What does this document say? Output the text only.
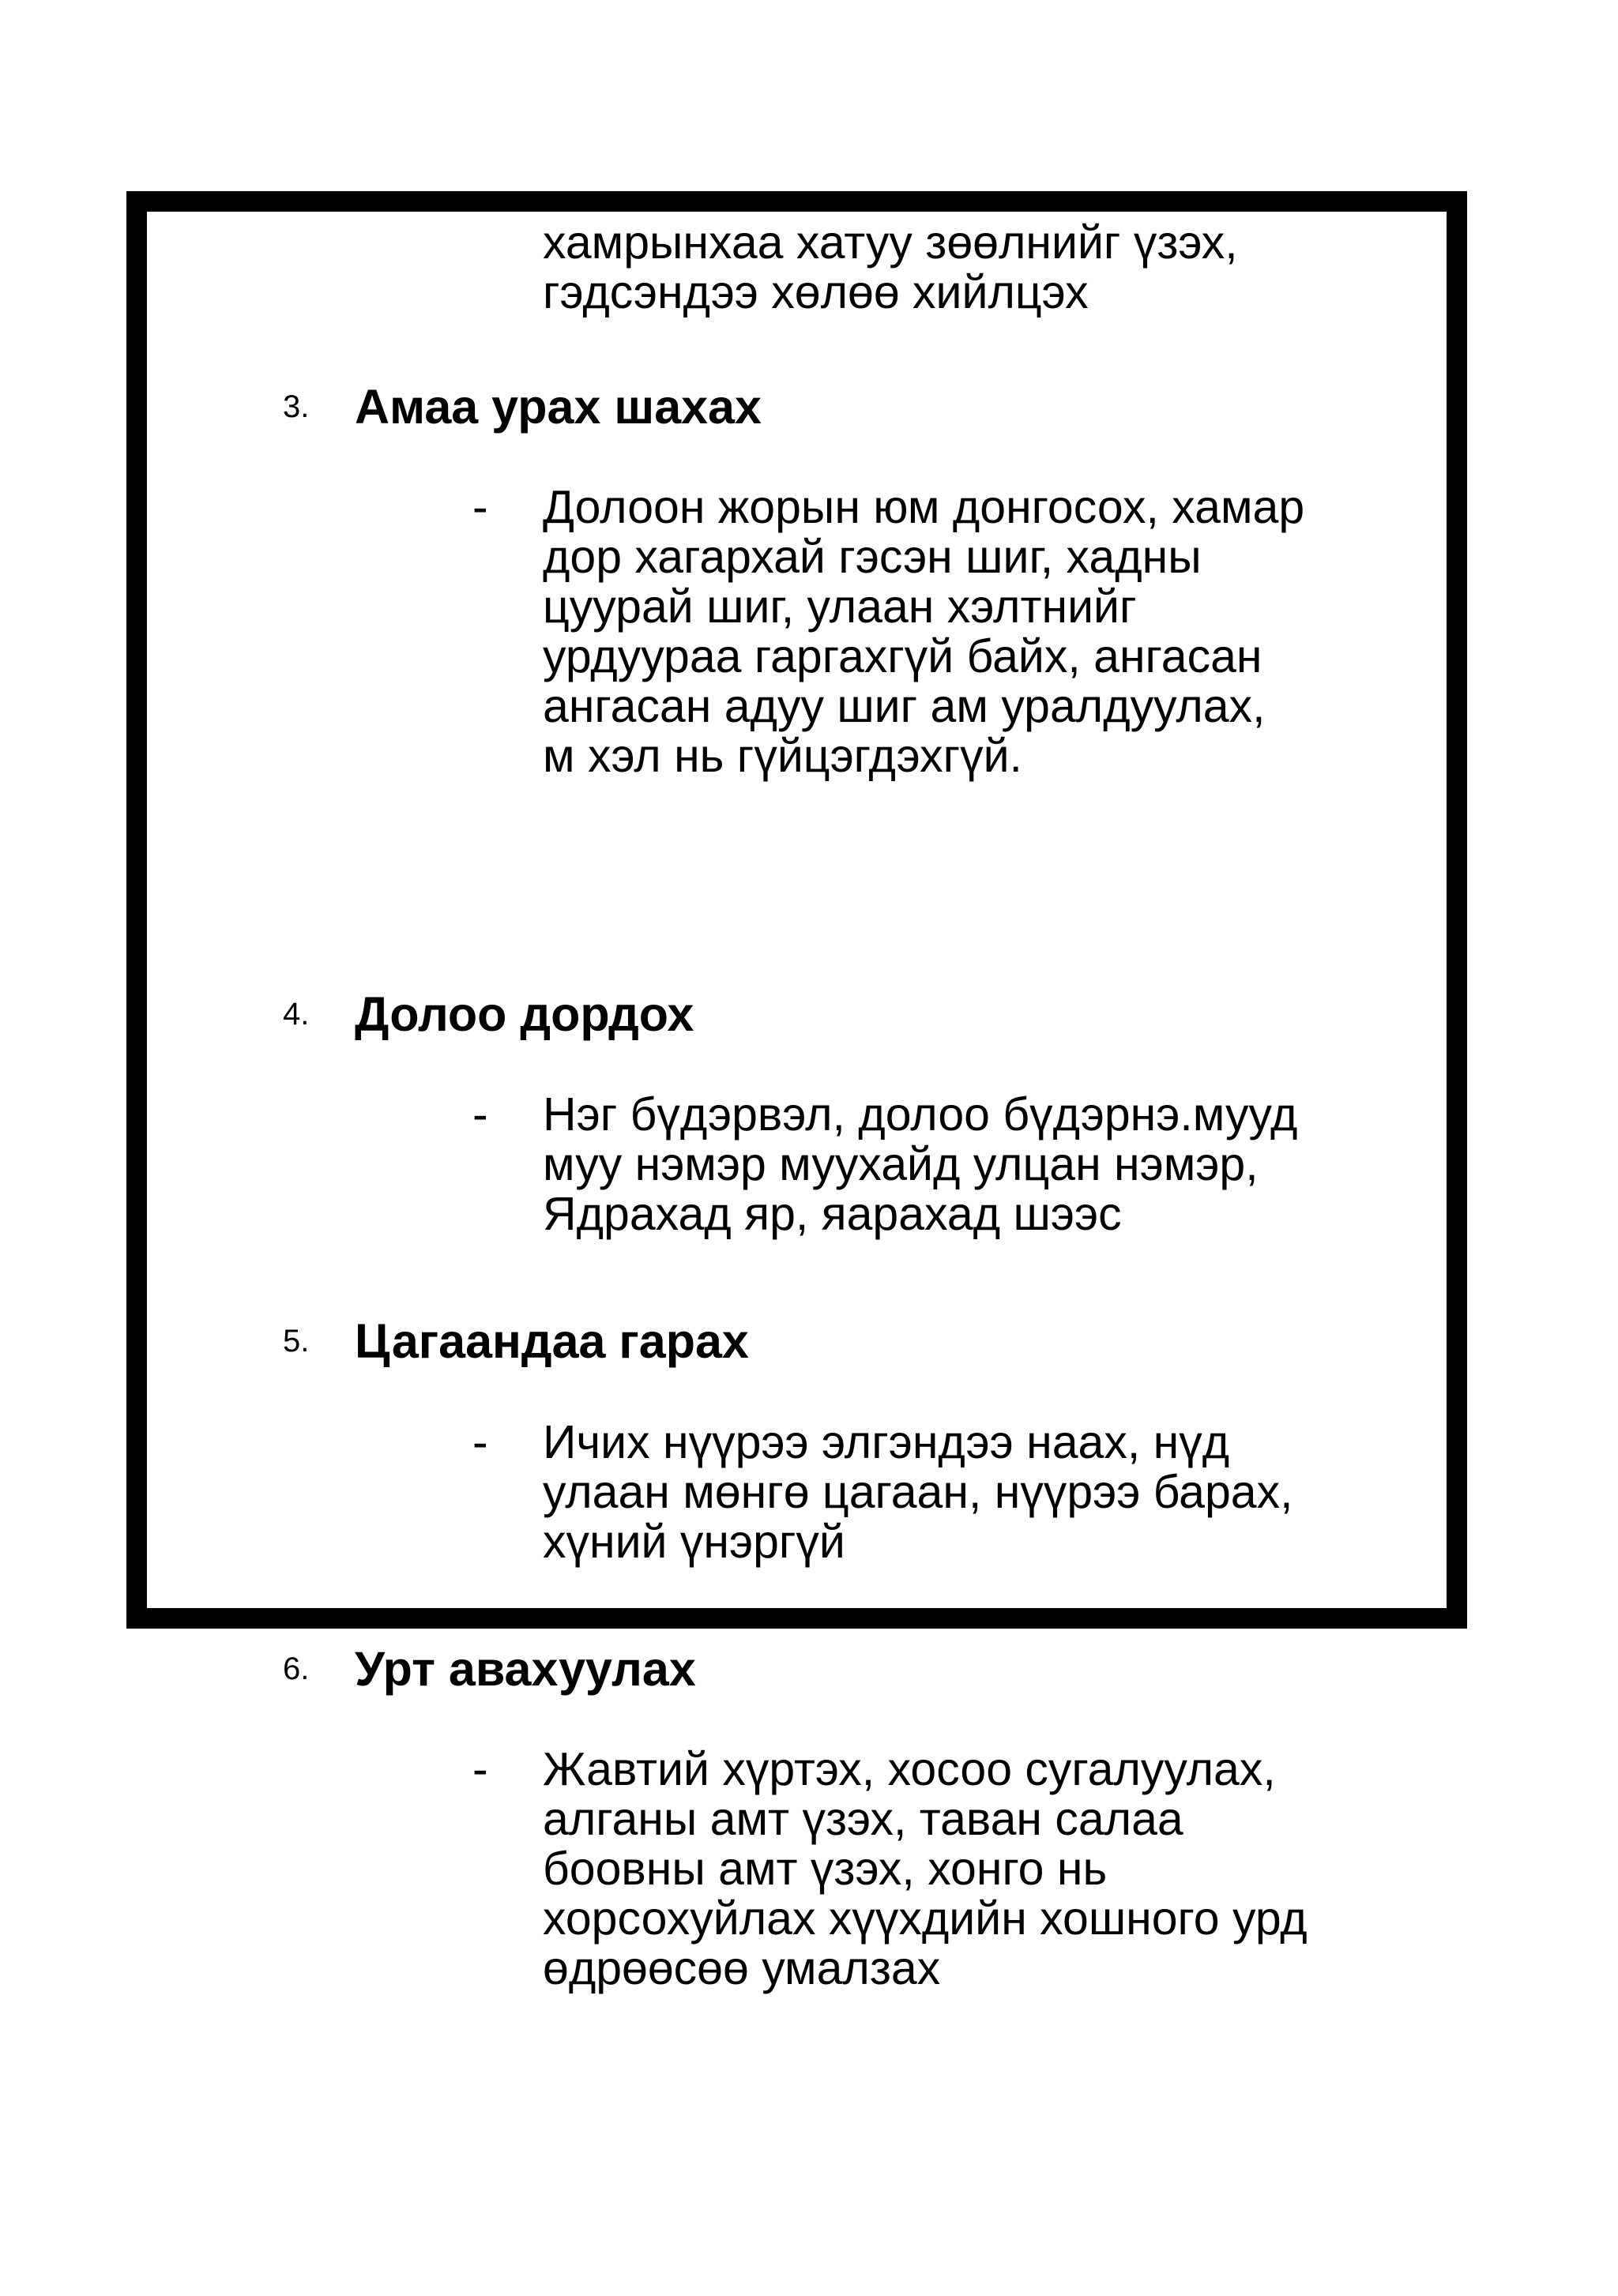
хамрынхаа хатуу зөөлнийг үзэх,
гэдсэндээ хөлөө хийлцэх

3. Амаа урах шахах
- Долоон жорын юм донгосох, хамар
дор хагархай гэсэн шиг, хадны
цуурай шиг, улаан хэлтнийг
урдуураа гаргахгүй байх, ангасан
ангасан адуу шиг ам уралдуулах,
м хэл нь гүйцэгдэхгүй.

4. Долоо дордох
- Нэг бүдэрвэл, долоо бүдэрнэ.мууд
муу нэмэр муухайд улцан нэмэр,
Ядрахад яр, яарахад шээс

5. Цагаандаа гарах
- Ичих нүүрээ элгэндээ наах, нүд
улаан мөнгө цагаан, нүүрээ барах,
хүний үнэргүй

6. Урт авахуулах
- Жавтий хүртэх, хосоо сугалуулах,
алганы амт үзэх, таван салаа
боовны амт үзэх, хонго нь
хорсохуйлах хүүхдийн хошного урд
өдрөөсөө умалзах
